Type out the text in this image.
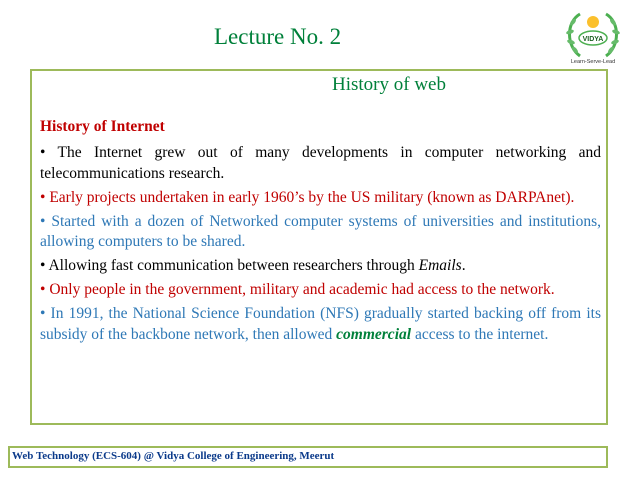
Lecture No. 2	VIDYA
Learn-Serve-Lead
History of web
History of Internet

• The Internet grew out of many developments in computer networking and telecommunications research.

• Early projects undertaken in early 1960’s by the US military (known as DARPAnet).

• Started with a dozen of Networked computer systems of universities and institutions, allowing computers to be shared.

• Allowing fast communication between researchers through Emails.

• Only people in the government, military and academic had access to the network.

• In 1991, the National Science Foundation (NFS) gradually started backing off from its subsidy of the backbone network, then allowed commercial access to the internet.

Web Technology (ECS-604) @ Vidya College of Engineering, Meerut
